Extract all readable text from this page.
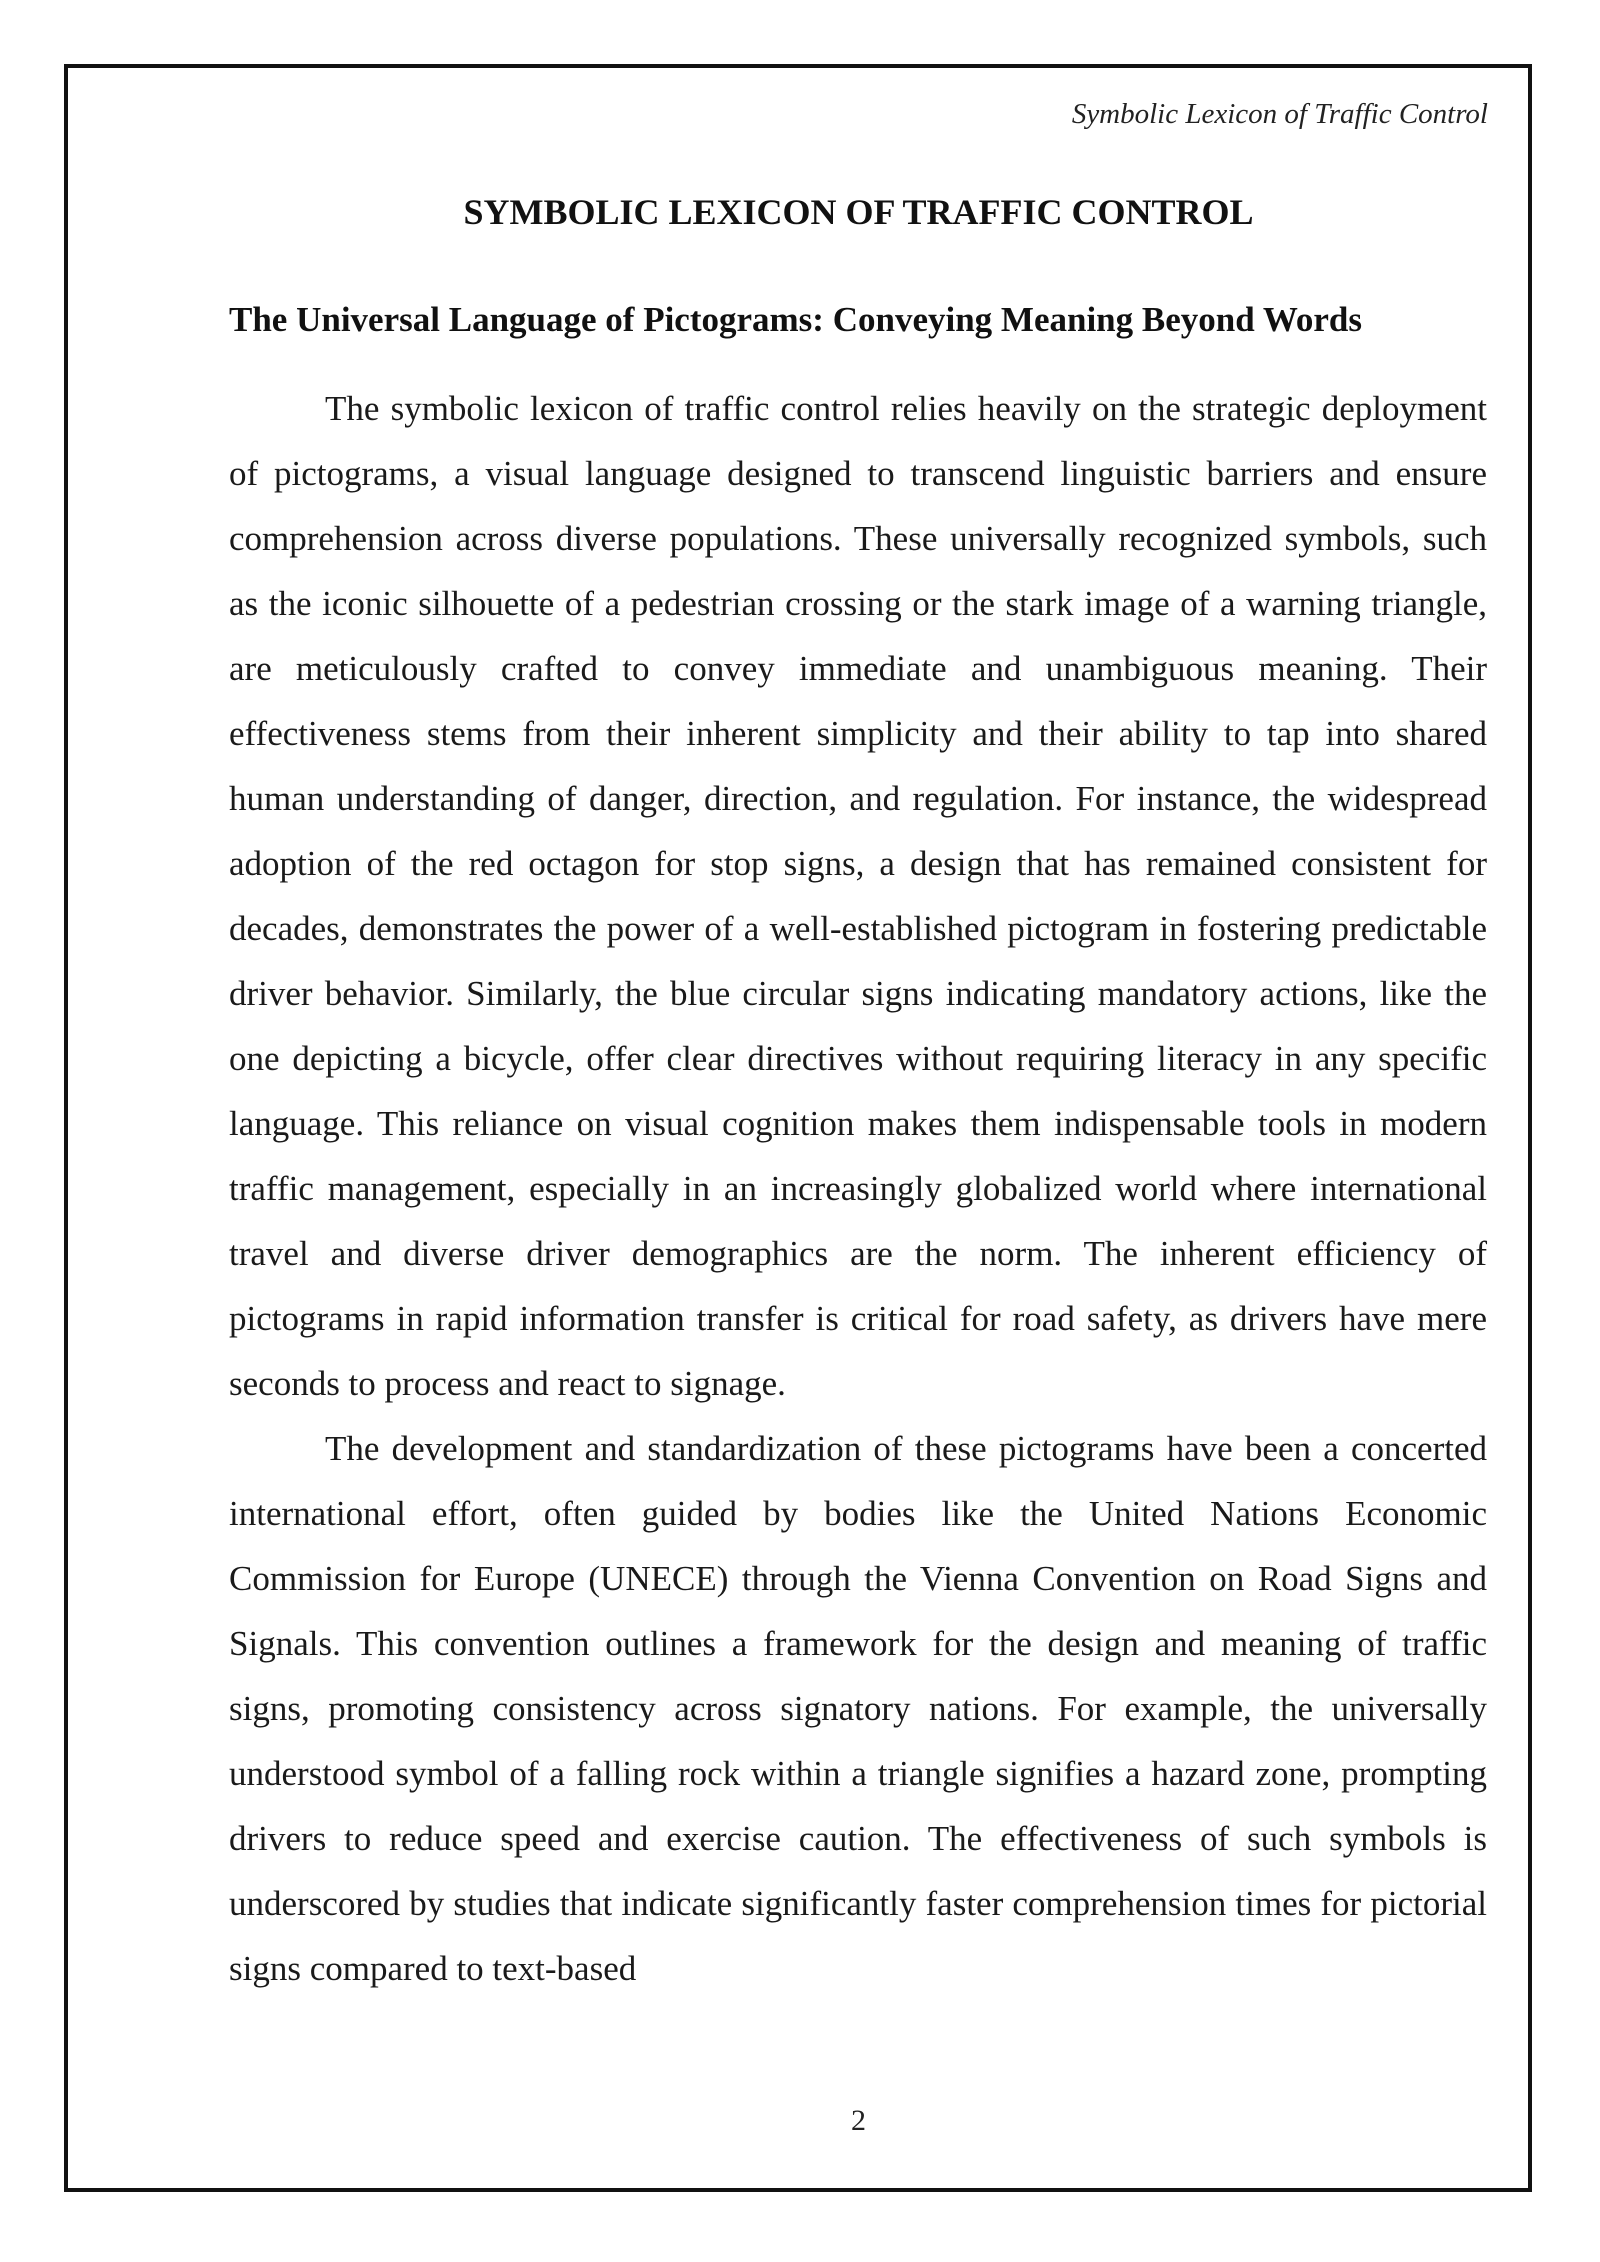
Symbolic Lexicon of Traffic Control
SYMBOLIC LEXICON OF TRAFFIC CONTROL
The Universal Language of Pictograms: Conveying Meaning Beyond Words

The symbolic lexicon of traffic control relies heavily on the strategic deployment of pictograms, a visual language designed to transcend linguistic barriers and ensure comprehension across diverse populations. These universally recognized symbols, such as the iconic silhouette of a pedestrian crossing or the stark image of a warning triangle, are meticulously crafted to convey immediate and unambiguous meaning. Their effectiveness stems from their inherent simplicity and their ability to tap into shared human understanding of danger, direction, and regulation. For instance, the widespread adoption of the red octagon for stop signs, a design that has remained consistent for decades, demonstrates the power of a well-established pictogram in fostering predictable driver behavior. Similarly, the blue circular signs indicating mandatory actions, like the one depicting a bicycle, offer clear directives without requiring literacy in any specific language. This reliance on visual cognition makes them indispensable tools in modern traffic management, especially in an increasingly globalized world where international travel and diverse driver demographics are the norm. The inherent efficiency of pictograms in rapid information transfer is critical for road safety, as drivers have mere seconds to process and react to signage.

The development and standardization of these pictograms have been a concerted international effort, often guided by bodies like the United Nations Economic Commission for Europe (UNECE) through the Vienna Convention on Road Signs and Signals. This convention outlines a framework for the design and meaning of traffic signs, promoting consistency across signatory nations. For example, the universally understood symbol of a falling rock within a triangle signifies a hazard zone, prompting drivers to reduce speed and exercise caution. The effectiveness of such symbols is underscored by studies that indicate significantly faster comprehension times for pictorial signs compared to text-based

2
